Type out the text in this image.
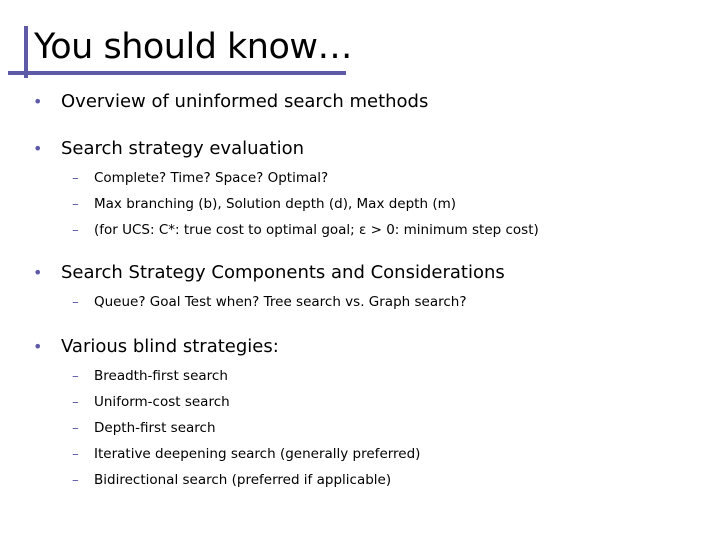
You should know…
• Overview of uninformed search methods
• Search strategy evaluation
– Complete? Time? Space? Optimal?
– Max branching (b), Solution depth (d), Max depth (m)
– (for UCS: C*: true cost to optimal goal; ε > 0: minimum step cost)
• Search Strategy Components and Considerations
– Queue? Goal Test when? Tree search vs. Graph search?
• Various blind strategies:
– Breadth-first search
– Uniform-cost search
– Depth-first search
– Iterative deepening search (generally preferred)
– Bidirectional search (preferred if applicable)
